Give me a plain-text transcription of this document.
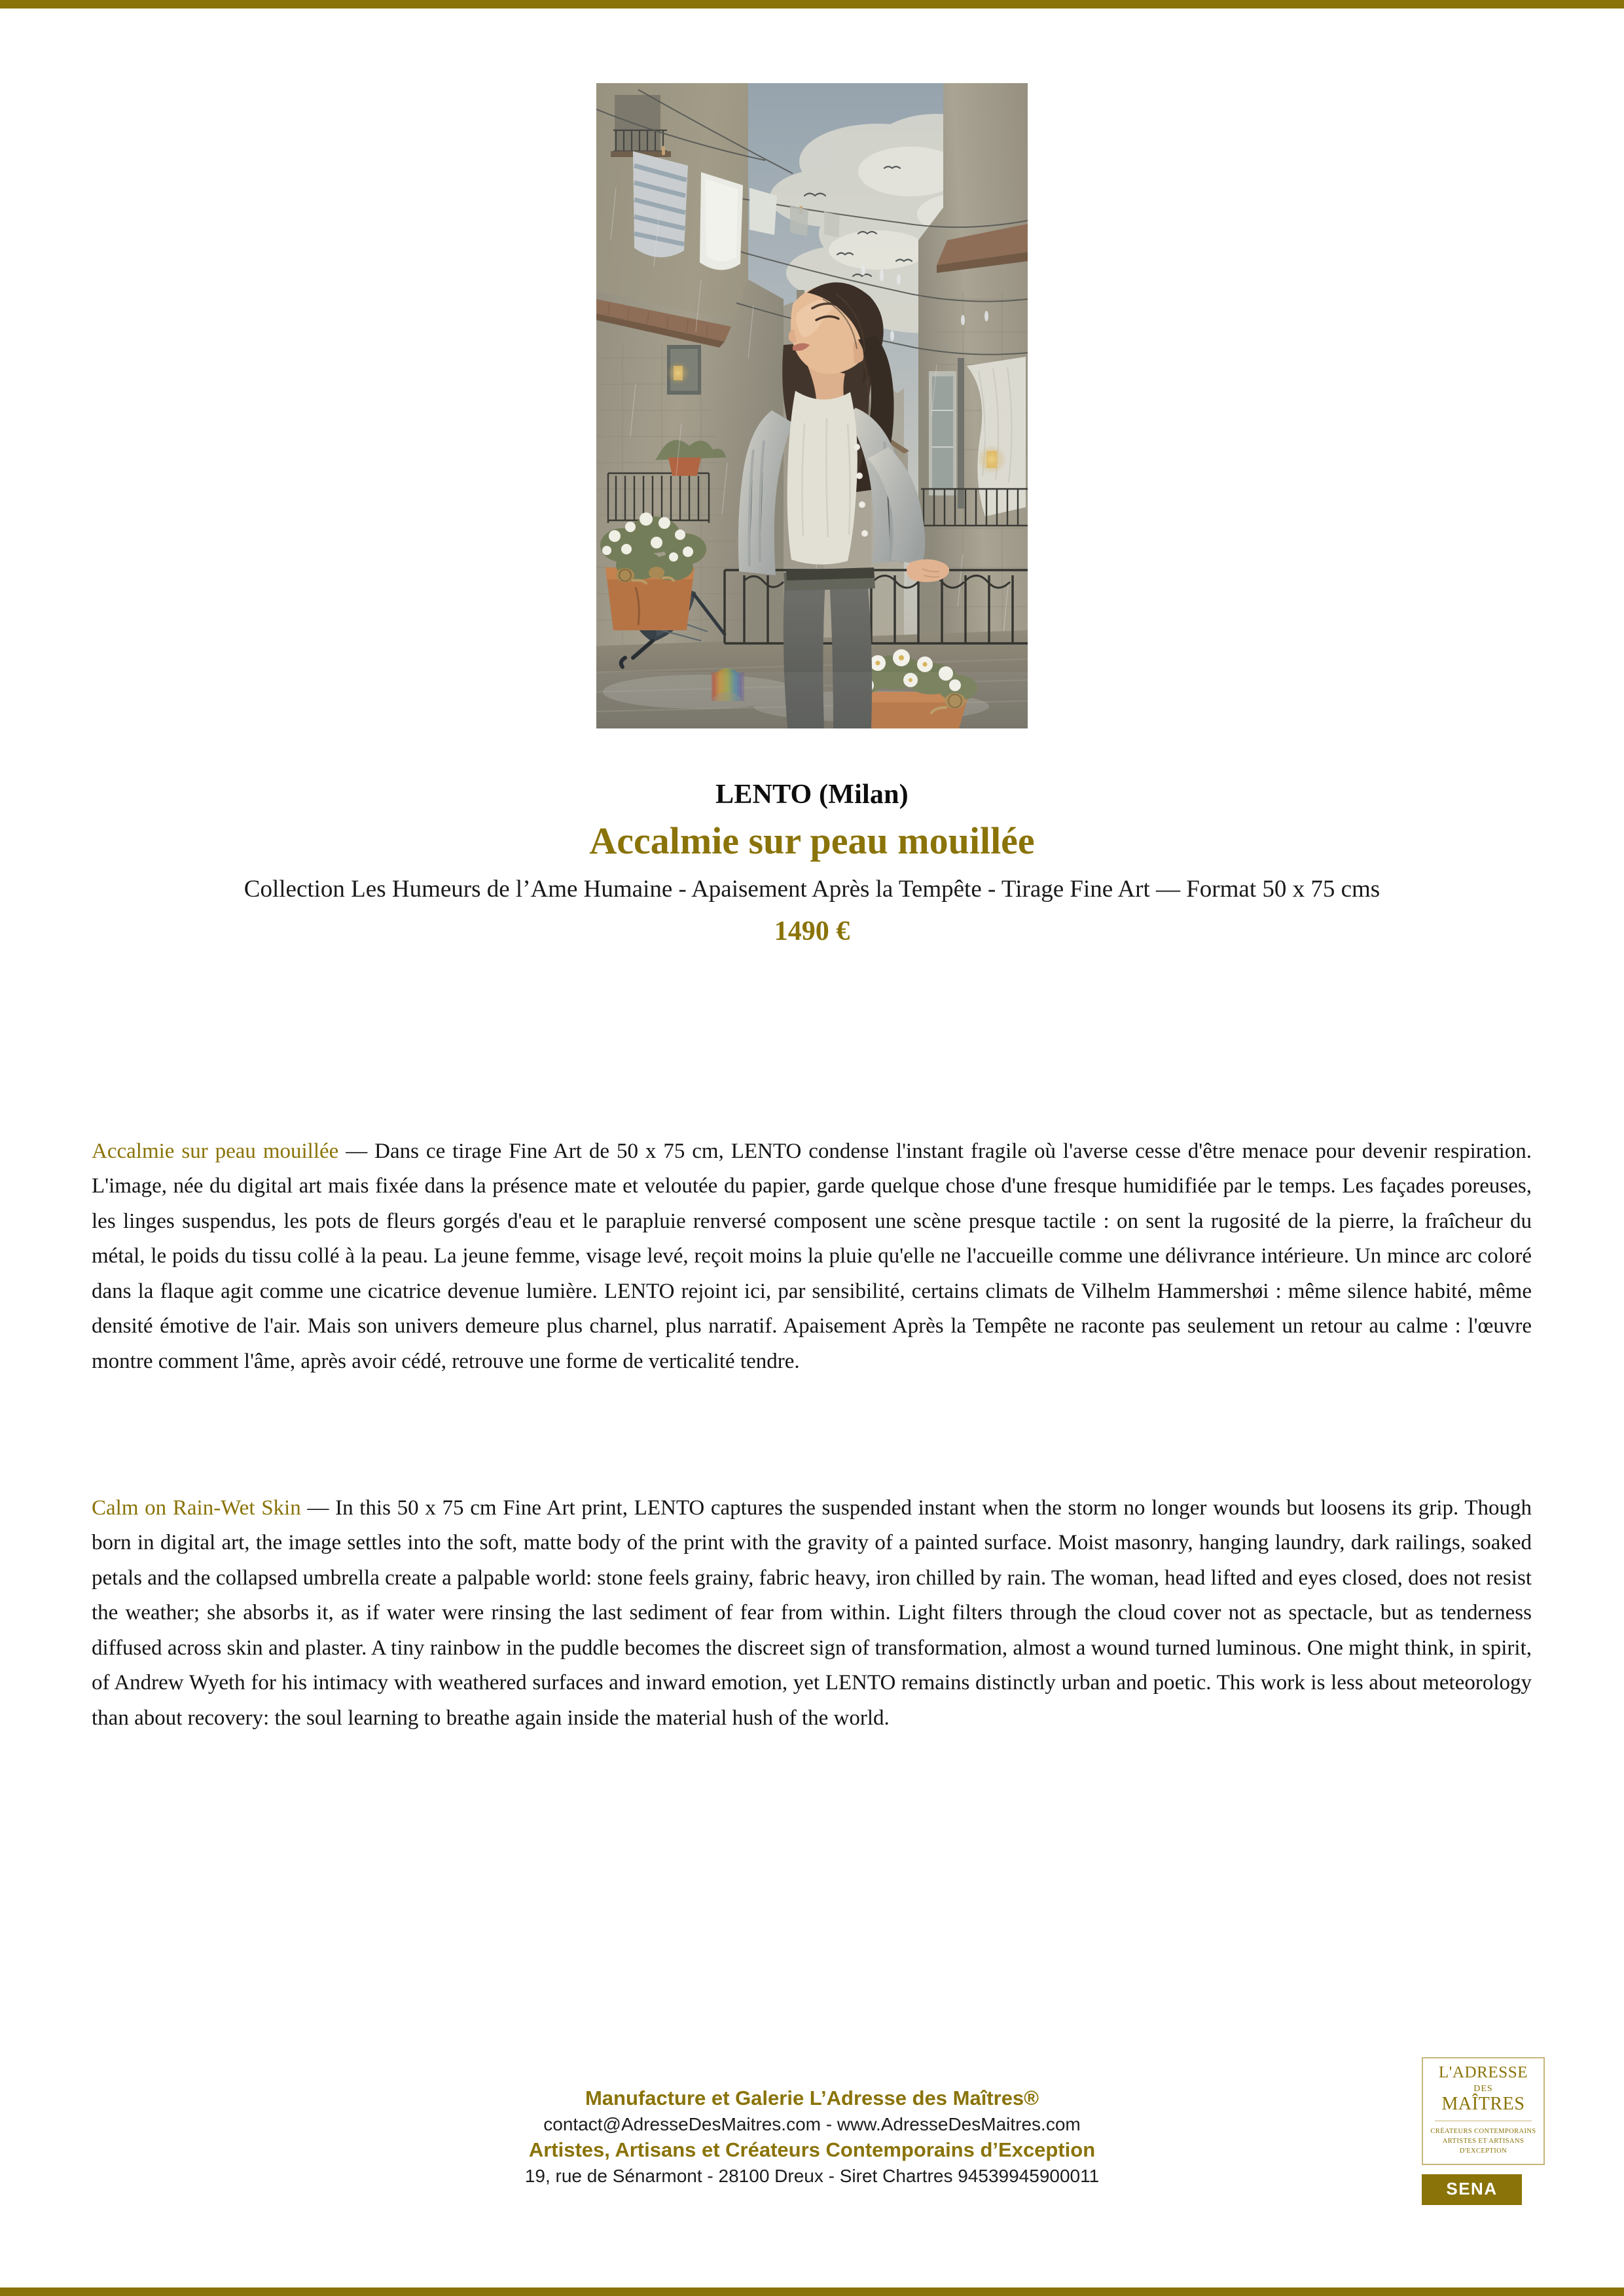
LENTO (Milan)
Accalmie sur peau mouillée
Collection Les Humeurs de l’Ame Humaine - Apaisement Après la Tempête - Tirage Fine Art — Format 50 x 75 cms
1490 €

Accalmie sur peau mouillée — Dans ce tirage Fine Art de 50 x 75 cm, LENTO condense l'instant fragile où l'averse cesse d'être menace pour devenir respiration. L'image, née du digital art mais fixée dans la présence mate et veloutée du papier, garde quelque chose d'une fresque humidifiée par le temps. Les façades poreuses, les linges suspendus, les pots de fleurs gorgés d'eau et le parapluie renversé composent une scène presque tactile : on sent la rugosité de la pierre, la fraîcheur du métal, le poids du tissu collé à la peau. La jeune femme, visage levé, reçoit moins la pluie qu'elle ne l'accueille comme une délivrance intérieure. Un mince arc coloré dans la flaque agit comme une cicatrice devenue lumière. LENTO rejoint ici, par sensibilité, certains climats de Vilhelm Hammershøi : même silence habité, même densité émotive de l'air. Mais son univers demeure plus charnel, plus narratif. Apaisement Après la Tempête ne raconte pas seulement un retour au calme : l'œuvre montre comment l'âme, après avoir cédé, retrouve une forme de verticalité tendre.

Calm on Rain-Wet Skin — In this 50 x 75 cm Fine Art print, LENTO captures the suspended instant when the storm no longer wounds but loosens its grip. Though born in digital art, the image settles into the soft, matte body of the print with the gravity of a painted surface. Moist masonry, hanging laundry, dark railings, soaked petals and the collapsed umbrella create a palpable world: stone feels grainy, fabric heavy, iron chilled by rain. The woman, head lifted and eyes closed, does not resist the weather; she absorbs it, as if water were rinsing the last sediment of fear from within. Light filters through the cloud cover not as spectacle, but as tenderness diffused across skin and plaster. A tiny rainbow in the puddle becomes the discreet sign of transformation, almost a wound turned luminous. One might think, in spirit, of Andrew Wyeth for his intimacy with weathered surfaces and inward emotion, yet LENTO remains distinctly urban and poetic. This work is less about meteorology than about recovery: the soul learning to breathe again inside the material hush of the world.

Manufacture et Galerie L’Adresse des Maîtres®
contact@AdresseDesMaitres.com - www.AdresseDesMaitres.com
Artistes, Artisans et Créateurs Contemporains d’Exception
19, rue de Sénarmont - 28100 Dreux - Siret Chartres 94539945900011
L'ADRESSE
DES
MAÎTRES
CRÉATEURS CONTEMPORAINS
ARTISTES ET ARTISANS
D'EXCEPTION
SENA
